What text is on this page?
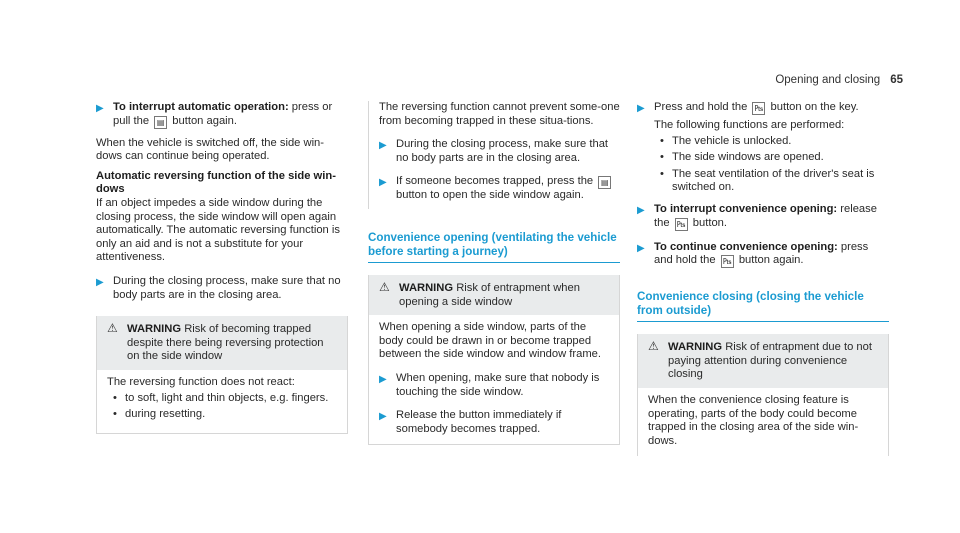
Opening and closing 65
▶ To interrupt automatic operation: press or pull the ▤ button again.

When the vehicle is switched off, the side win-dows can continue being operated.

Automatic reversing function of the side win-dows

If an object impedes a side window during the closing process, the side window will open again automatically. The automatic reversing function is only an aid and is not a substitute for your attentiveness.

▶ During the closing process, make sure that no body parts are in the closing area.
⚠ WARNING Risk of becoming trapped despite there being reversing protection on the side window
The reversing function does not react:
• to soft, light and thin objects, e.g. fingers.
• during resetting.

The reversing function cannot prevent some-one from becoming trapped in these situa-tions.

▶ During the closing process, make sure that no body parts are in the closing area.
▶ If someone becomes trapped, press the ▤ button to open the side window again.
Convenience opening (ventilating the vehicle before starting a journey)
⚠ WARNING Risk of entrapment when opening a side window

When opening a side window, parts of the body could be drawn in or become trapped between the side window and window frame.

▶ When opening, make sure that nobody is touching the side window.
▶ Release the button immediately if somebody becomes trapped.
▶ Press and hold the ₧ button on the key.
The following functions are performed:
• The vehicle is unlocked.
• The side windows are opened.
• The seat ventilation of the driver's seat is switched on.
▶ To interrupt convenience opening: release the ₧ button.
▶ To continue convenience opening: press and hold the ₧ button again.
Convenience closing (closing the vehicle from outside)
⚠ WARNING Risk of entrapment due to not paying attention during convenience closing
When the convenience closing feature is operating, parts of the body could become trapped in the closing area of the side win-dows.
